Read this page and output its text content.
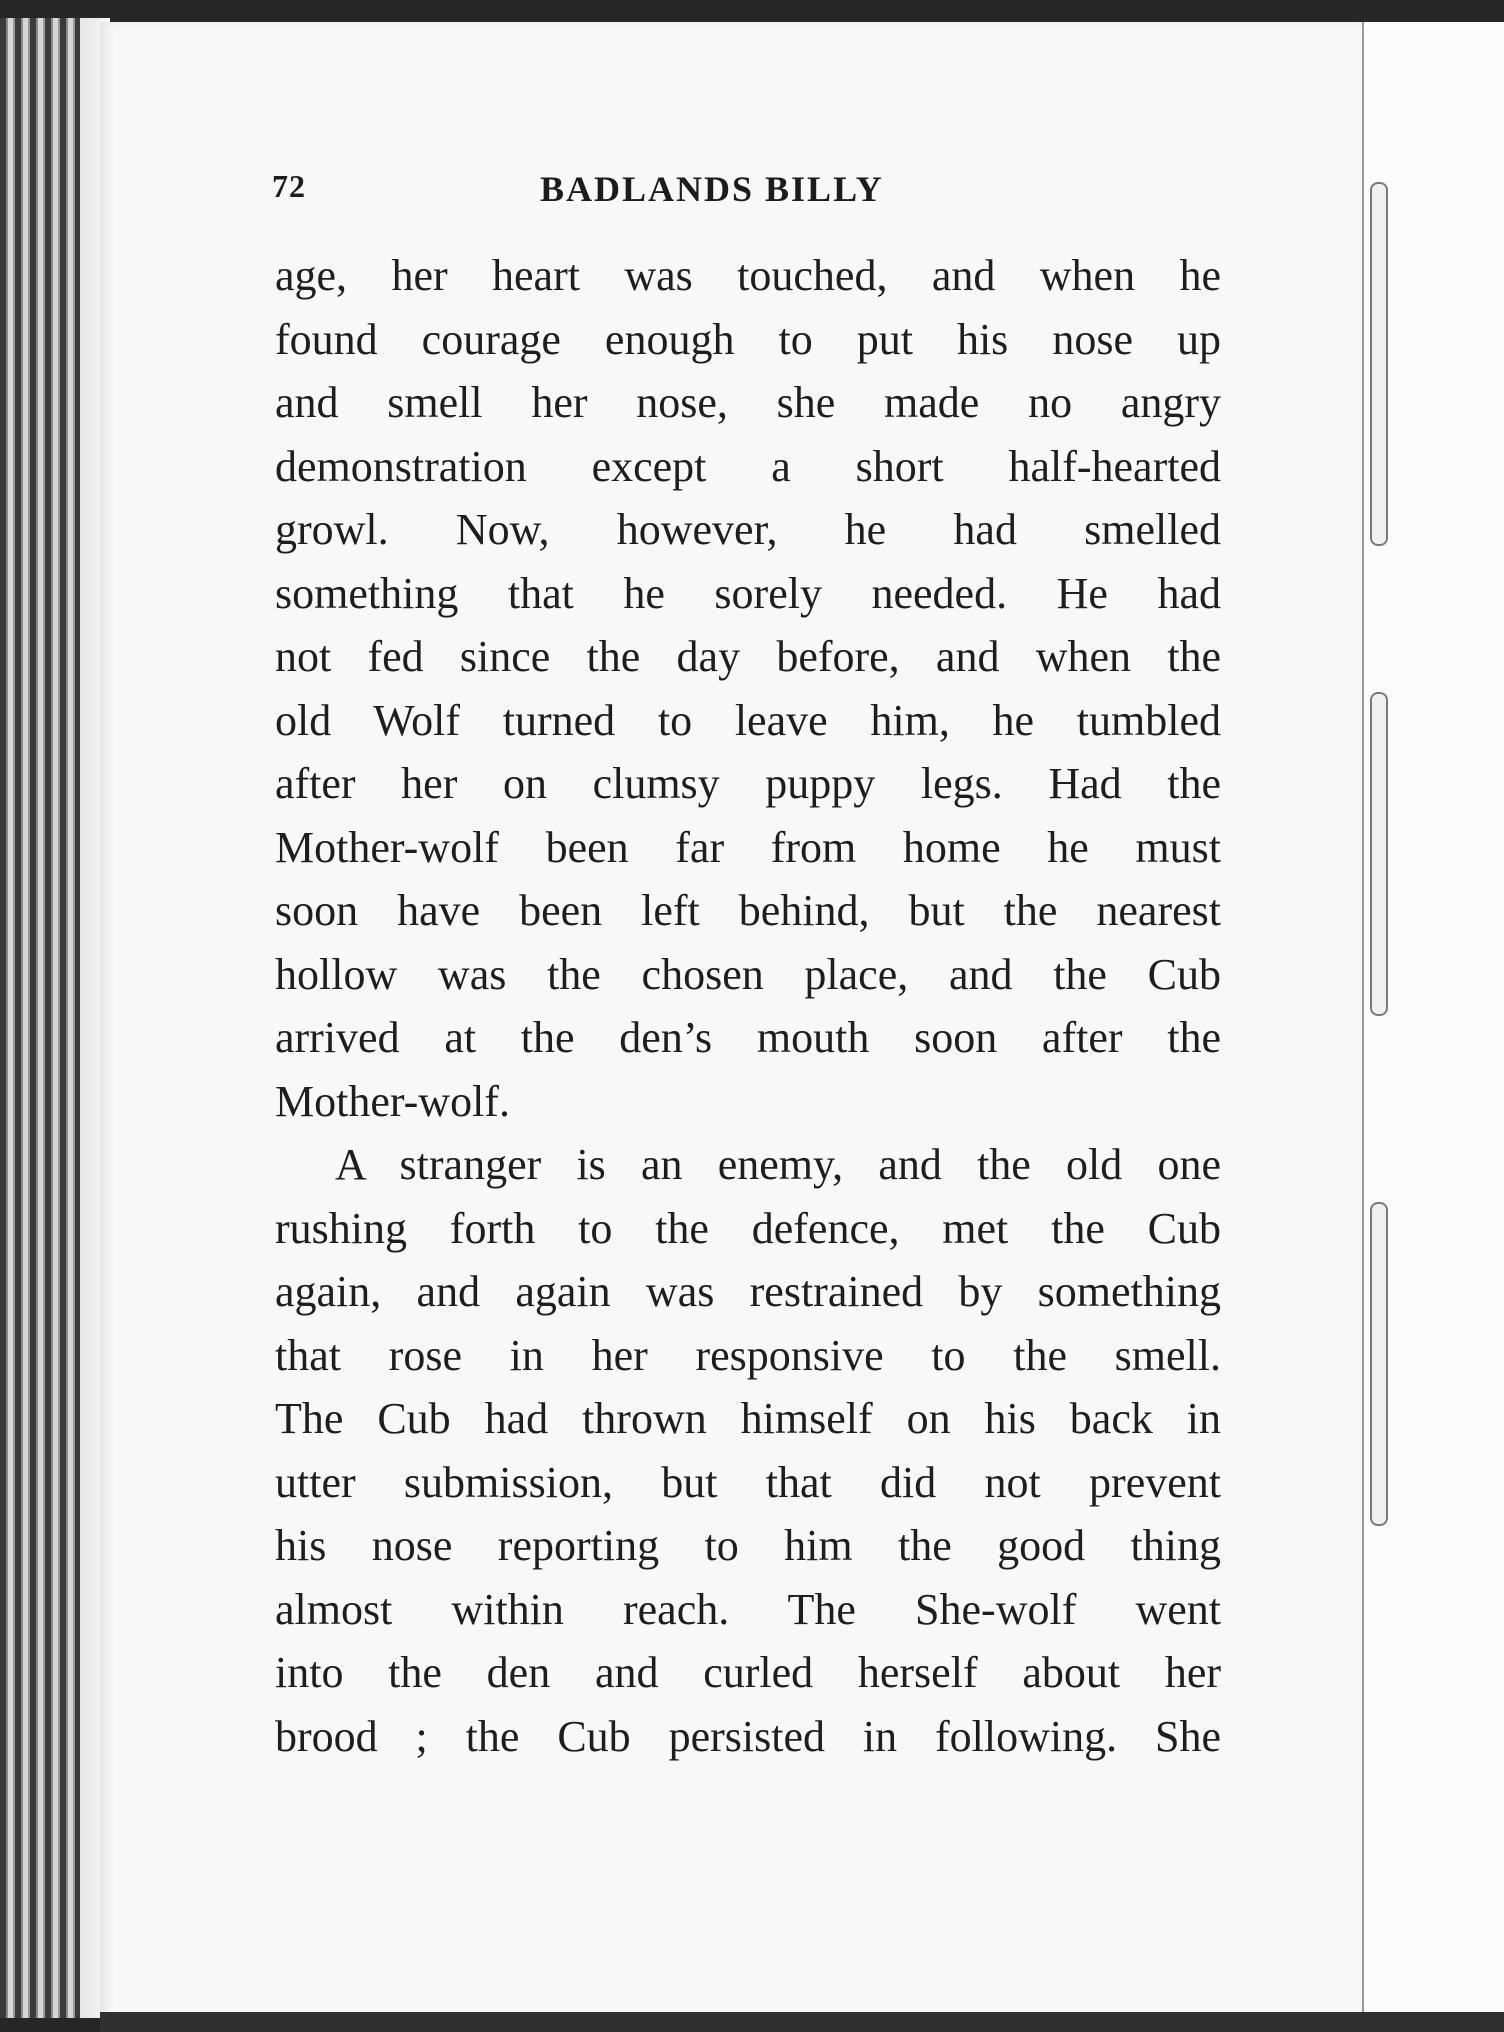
72	BADLANDS BILLY
age, her heart was touched, and when he
found courage enough to put his nose up
and smell her nose, she made no angry
demonstration except a short half-hearted
growl. Now, however, he had smelled
something that he sorely needed. He had
not fed since the day before, and when the
old Wolf turned to leave him, he tumbled
after her on clumsy puppy legs. Had the
Mother-wolf been far from home he must
soon have been left behind, but the nearest
hollow was the chosen place, and the Cub
arrived at the den’s mouth soon after the
Mother-wolf.
A stranger is an enemy, and the old one
rushing forth to the defence, met the Cub
again, and again was restrained by something
that rose in her responsive to the smell.
The Cub had thrown himself on his back in
utter submission, but that did not prevent
his nose reporting to him the good thing
almost within reach. The She-wolf went
into the den and curled herself about her
brood ; the Cub persisted in following. She
